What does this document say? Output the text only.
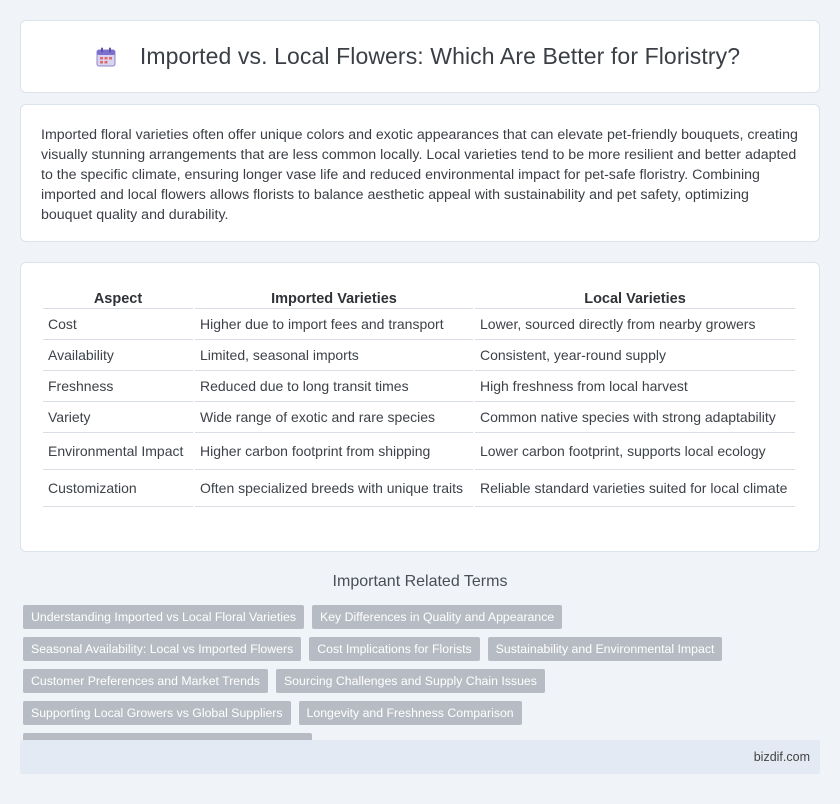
Imported vs. Local Flowers: Which Are Better for Floristry?

Imported floral varieties often offer unique colors and exotic appearances that can elevate pet-friendly bouquets, creating visually stunning arrangements that are less common locally. Local varieties tend to be more resilient and better adapted to the specific climate, ensuring longer vase life and reduced environmental impact for pet-safe floristry. Combining imported and local flowers allows florists to balance aesthetic appeal with sustainability and pet safety, optimizing bouquet quality and durability.

Aspect	Imported Varieties	Local Varieties
Cost	Higher due to import fees and transport	Lower, sourced directly from nearby growers
Availability	Limited, seasonal imports	Consistent, year-round supply
Freshness	Reduced due to long transit times	High freshness from local harvest
Variety	Wide range of exotic and rare species	Common native species with strong adaptability
Environmental Impact	Higher carbon footprint from shipping	Lower carbon footprint, supports local ecology
Customization	Often specialized breeds with unique traits	Reliable standard varieties suited for local climate
Important Related Terms
Understanding Imported vs Local Floral Varieties	Key Differences in Quality and Appearance
Seasonal Availability: Local vs Imported Flowers	Cost Implications for Florists	Sustainability and Environmental Impact
Customer Preferences and Market Trends	Sourcing Challenges and Supply Chain Issues
Supporting Local Growers vs Global Suppliers	Longevity and Freshness Comparison
bizdif.com
